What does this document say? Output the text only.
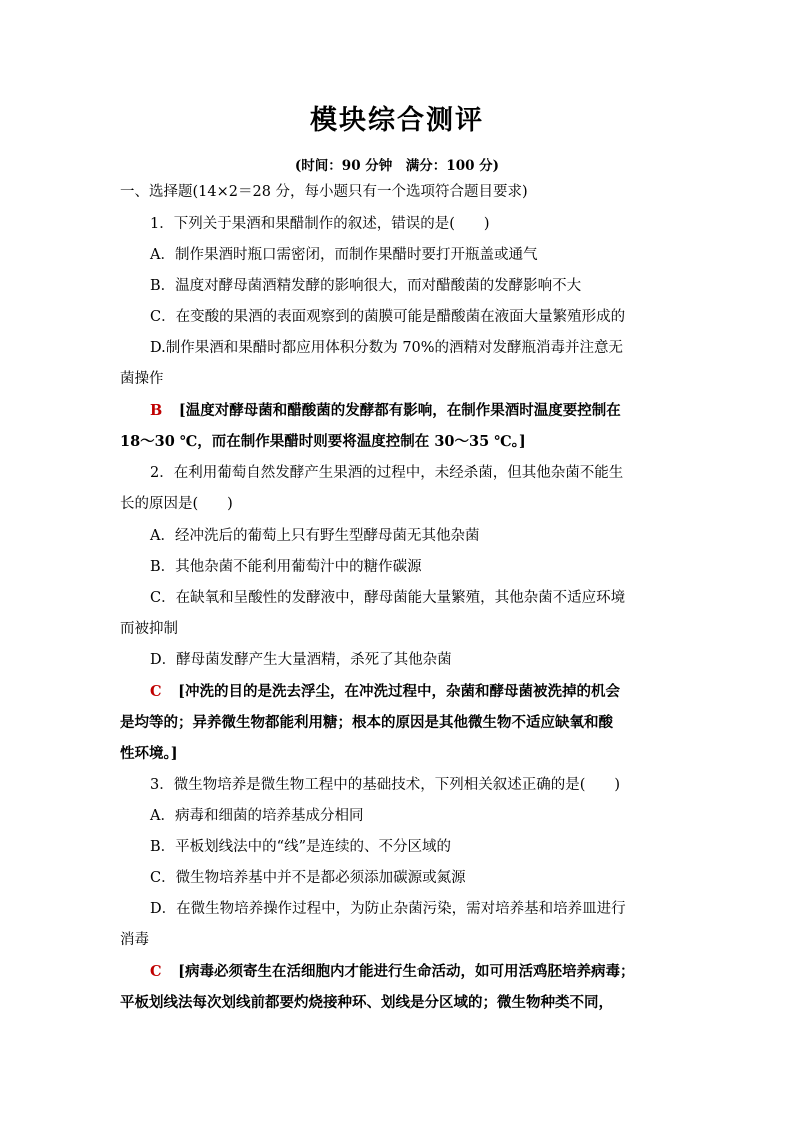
模块综合测评
(时间：90 分钟　满分：100 分)
一、选择题(14×2＝28 分，每小题只有一个选项符合题目要求)
1．下列关于果酒和果醋制作的叙述，错误的是(　　)
A．制作果酒时瓶口需密闭，而制作果醋时要打开瓶盖或通气
B．温度对酵母菌酒精发酵的影响很大，而对醋酸菌的发酵影响不大
C．在变酸的果酒的表面观察到的菌膜可能是醋酸菌在液面大量繁殖形成的
D.制作果酒和果醋时都应用体积分数为 70%的酒精对发酵瓶消毒并注意无
菌操作
B [温度对酵母菌和醋酸菌的发酵都有影响，在制作果酒时温度要控制在
18～30 ℃，而在制作果醋时则要将温度控制在 30～35 ℃。]
2．在利用葡萄自然发酵产生果酒的过程中，未经杀菌，但其他杂菌不能生
长的原因是(　　)
A．经冲洗后的葡萄上只有野生型酵母菌无其他杂菌
B．其他杂菌不能利用葡萄汁中的糖作碳源
C．在缺氧和呈酸性的发酵液中，酵母菌能大量繁殖，其他杂菌不适应环境
而被抑制
D．酵母菌发酵产生大量酒精，杀死了其他杂菌
C [冲洗的目的是洗去浮尘，在冲洗过程中，杂菌和酵母菌被洗掉的机会
是均等的；异养微生物都能利用糖；根本的原因是其他微生物不适应缺氧和酸
性环境。]
3．微生物培养是微生物工程中的基础技术，下列相关叙述正确的是(　　)
A．病毒和细菌的培养基成分相同
B．平板划线法中的“线”是连续的、不分区域的
C．微生物培养基中并不是都必须添加碳源或氮源
D．在微生物培养操作过程中，为防止杂菌污染，需对培养基和培养皿进行
消毒
C [病毒必须寄生在活细胞内才能进行生命活动，如可用活鸡胚培养病毒；
平板划线法每次划线前都要灼烧接种环、划线是分区域的；微生物种类不同，
